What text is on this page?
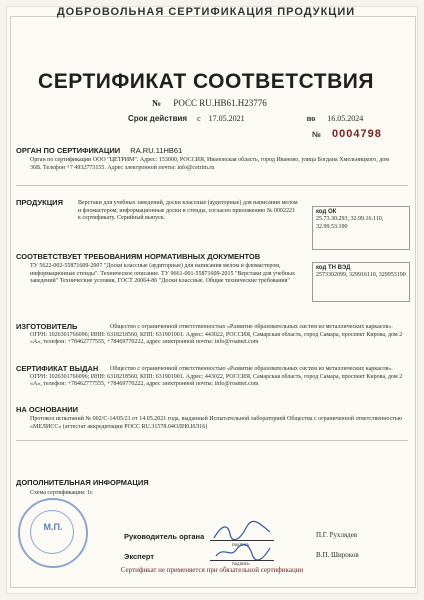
ДОБРОВОЛЬНАЯ СЕРТИФИКАЦИЯ ПРОДУКЦИИ
СЕРТИФИКАТ СООТВЕТСТВИЯ
№ РОСС RU.НВ61.Н23776
Срок действия с 17.05.2021	по 16.05.2024
№ 0004798
ОРГАН ПО СЕРТИФИКАЦИИ RA.RU.11НВ61
Орган по сертификации ООО "ЦЕТРИМ". Адрес: 153000, РОССИЯ, Ивановская область, город Иваново, улица Богдана Хмельницкого, дом 36В. Телефон +7 4932773155. Адрес электронной почты: info@cetrim.ru
ПРОДУКЦИЯ	Верстаки для учебных заведений, доски классные (аудиторные) для написания мелом и фломастером, информационные доски и стенды, согласно приложению № 0002221 к сертификату. Серийный выпуск.
код ОК
25.73.30.293, 32.99.16.110, 32.99.53.190
СООТВЕТСТВУЕТ ТРЕБОВАНИЯМ НОРМАТИВНЫХ ДОКУМЕНТОВ
ТУ 5622-002-55871609-2007 "Доски классные (аудиторные) для написания мелом и фломастером, информационные стенды". Техническое описание. ТУ 9661-001-55871609-2015 "Верстаки для учебных заведений" Технические условия, ГОСТ 20064-86 "Доски классные. Общие технические требования"
код ТН ВЭД
2573302099, 329916110, 329953190
ИЗГОТОВИТЕЛЬ	Общество с ограниченной ответственностью «Развитие образовательных систем из металлических каркасов». ОГРН: 1026301766096; ИНН: 6318218560, КПП: 631901001. Адрес: 443022, РОССИЯ, Самарская область, город Самара, проспект Кирова, дом 2 «А», телефон: +78462777555, +78469770222, адрес электронной почты: info@roamet.com
СЕРТИФИКАТ ВЫДАН	Общество с ограниченной ответственностью «Развитие образовательных систем из металлических каркасов». ОГРН: 1026301766096; ИНН: 6318218560, КПП: 631901001. Адрес: 443022, РОССИЯ, Самарская область, город Самара, проспект Кирова, дом 2 «А», телефон: +78462777555, +78469770222, адрес электронной почты: info@roamet.com
НА ОСНОВАНИИ
Протокол испытаний № 002/С-14/05/21 от 14.05.2021 года, выданный Испытательной лабораторией Общества с ограниченной ответственностью «МЕЛИСС» (аттестат аккредитации РОСС RU.31578.04ОЛН0.ИЛ16)
ДОПОЛНИТЕЛЬНАЯ ИНФОРМАЦИЯ
Схема сертификации: 1с
М.П.
Руководитель органа
подпись
П.Г. Рухлядев
Эксперт
подпись
В.П. Широков
Сертификат не применяется при обязательной сертификации
